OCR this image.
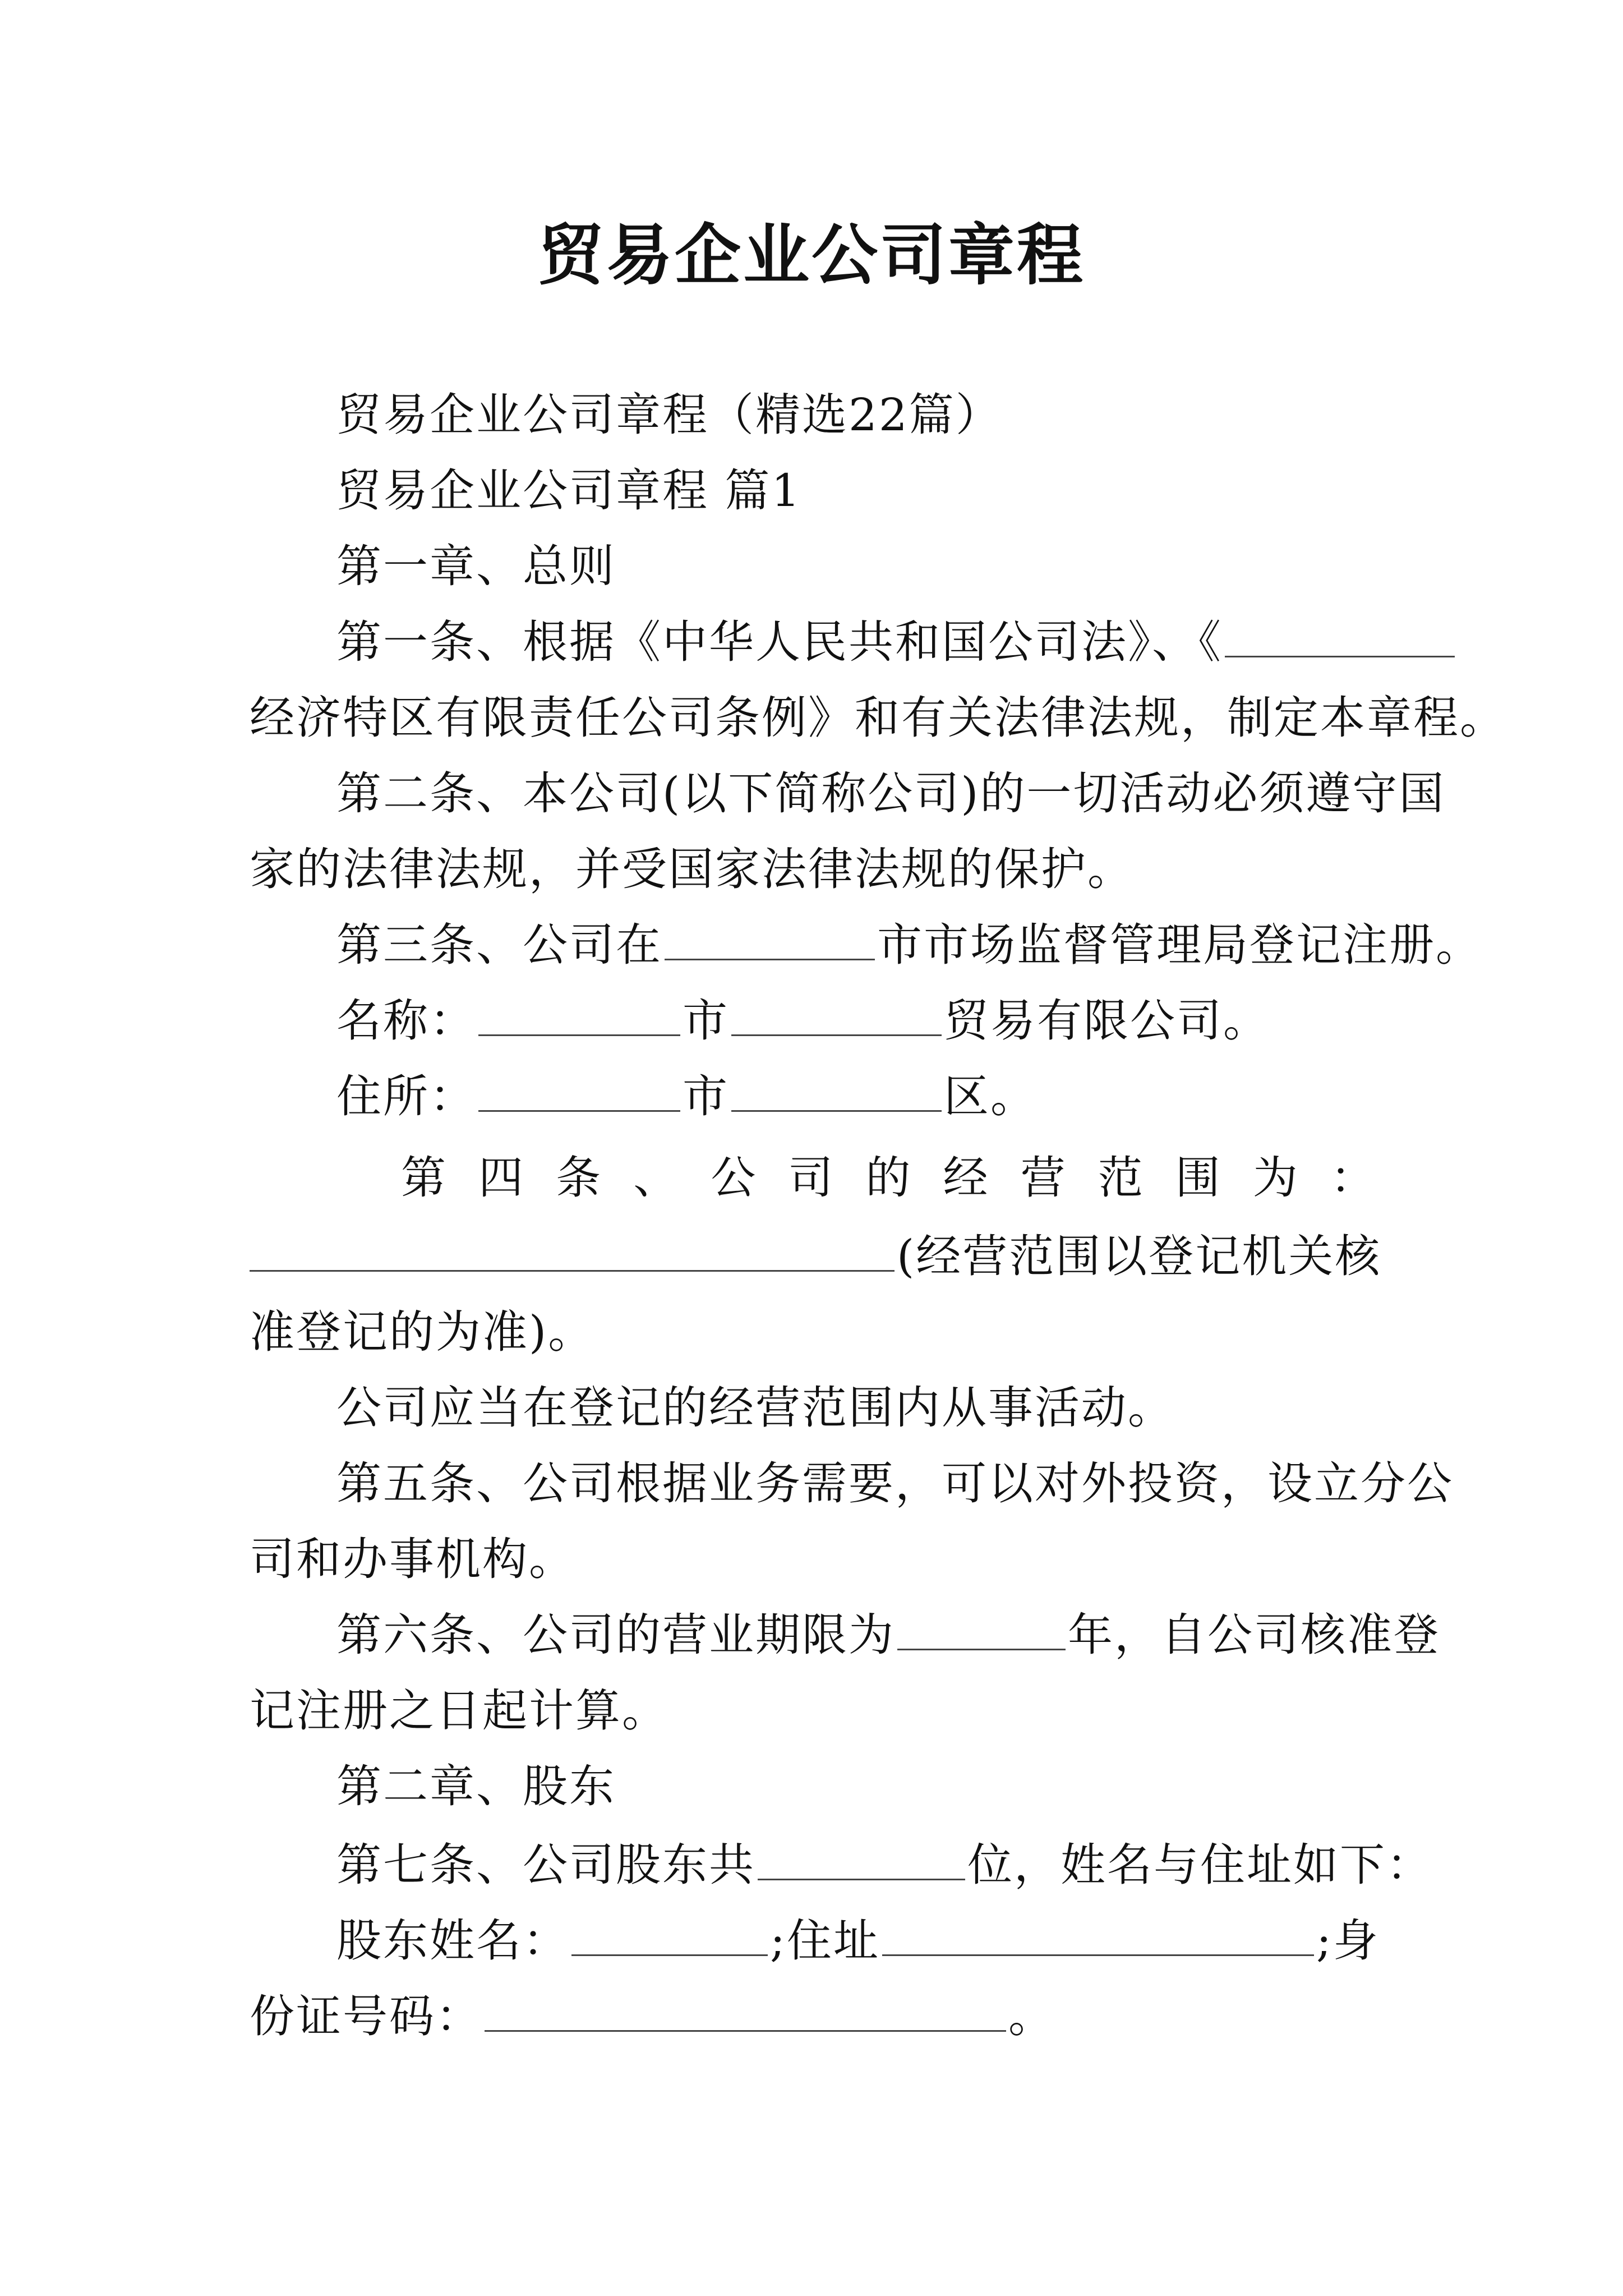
贸易企业公司章程
贸易企业公司章程（精选22篇）
贸易企业公司章程 篇1
第一章、总则
第一条、根据《中华人民共和国公司法》、《
经济特区有限责任公司条例》和有关法律法规，制定本章程。
第二条、本公司(以下简称公司)的一切活动必须遵守国
家的法律法规，并受国家法律法规的保护。
第三条、公司在	市市场监督管理局登记注册。
名称：	市	贸易有限公司。
住所：	市	区。
第 四 条 、 公 司 的 经 营 范 围 为 ：
(经营范围以登记机关核
准登记的为准)。
公司应当在登记的经营范围内从事活动。
第五条、公司根据业务需要，可以对外投资，设立分公
司和办事机构。
第六条、公司的营业期限为	年，自公司核准登
记注册之日起计算。
第二章、股东
第七条、公司股东共	位，姓名与住址如下：
股东姓名：	;住址	;身
份证号码：	。
